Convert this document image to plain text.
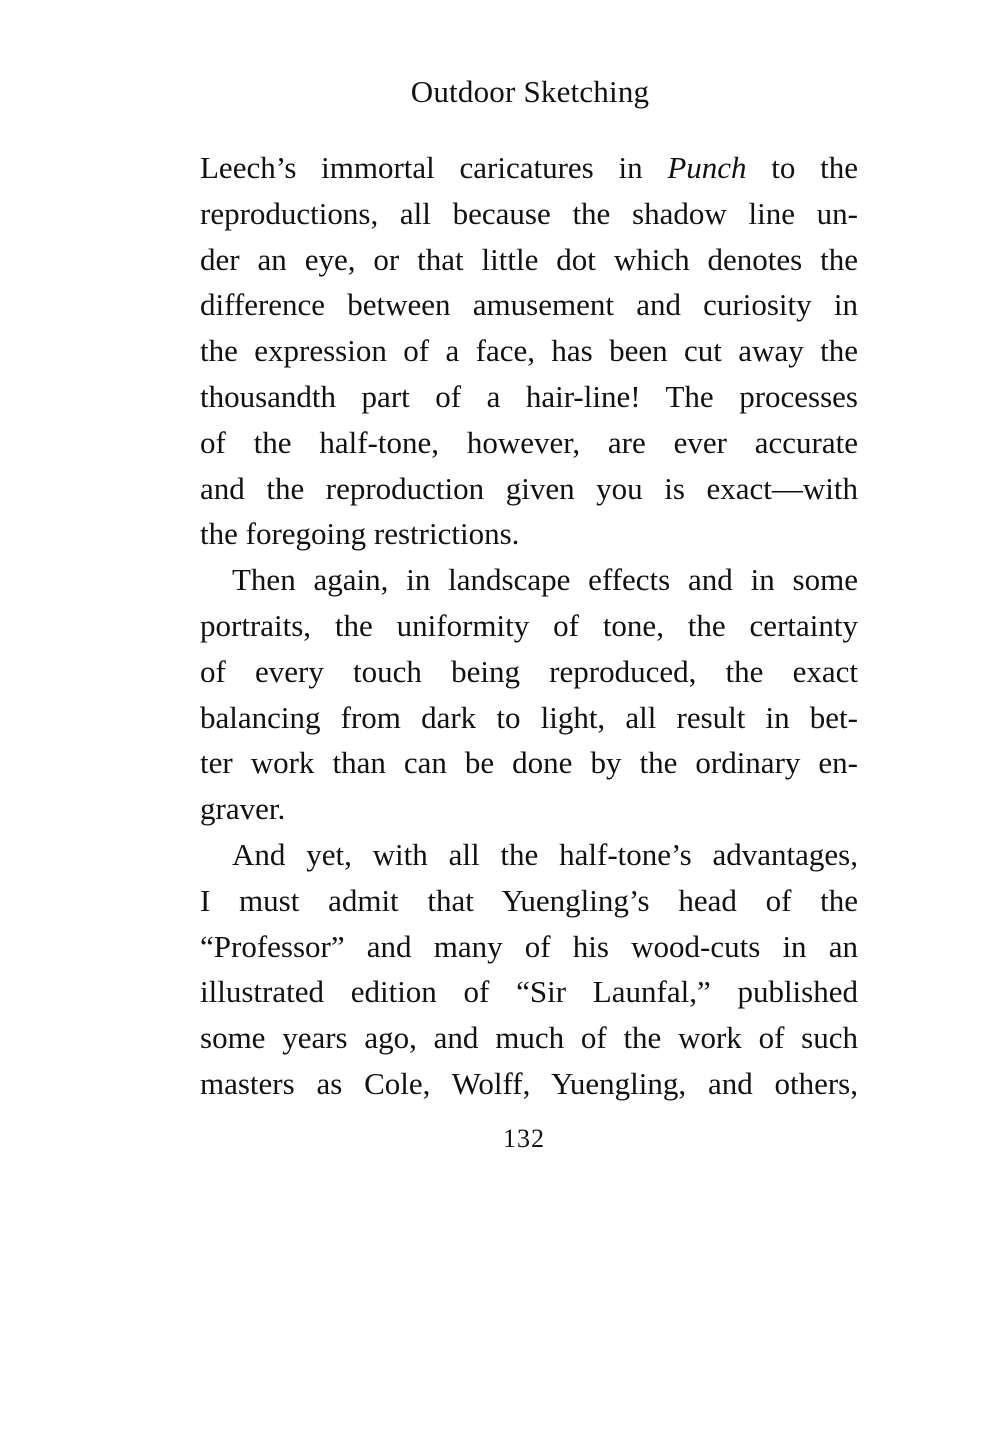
Outdoor Sketching
Leech’s immortal caricatures in Punch to the
reproductions, all because the shadow line un-
der an eye, or that little dot which denotes the
difference between amusement and curiosity in
the expression of a face, has been cut away the
thousandth part of a hair-line! The processes
of the half-tone, however, are ever accurate
and the reproduction given you is exact—with
the foregoing restrictions.
Then again, in landscape effects and in some
portraits, the uniformity of tone, the certainty
of every touch being reproduced, the exact
balancing from dark to light, all result in bet-
ter work than can be done by the ordinary en-
graver.
And yet, with all the half-tone’s advantages,
I must admit that Yuengling’s head of the
“Professor” and many of his wood-cuts in an
illustrated edition of “Sir Launfal,” published
some years ago, and much of the work of such
masters as Cole, Wolff, Yuengling, and others,
132
